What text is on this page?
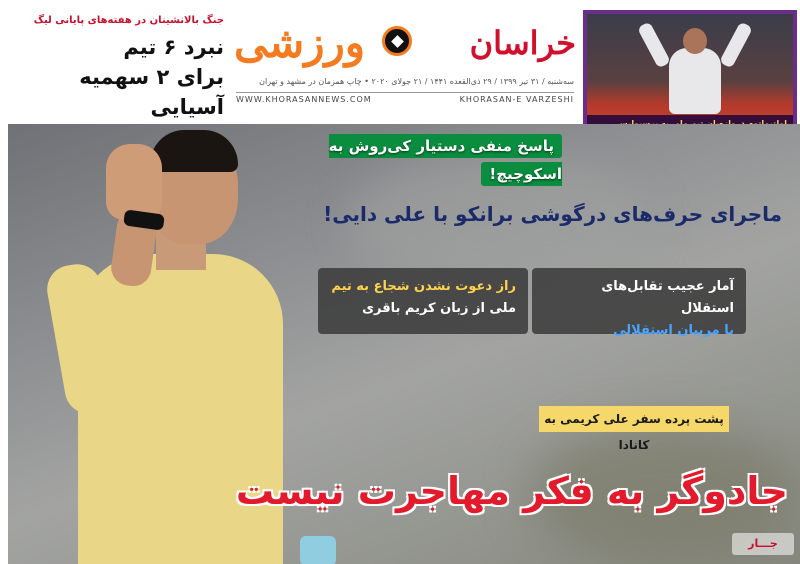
جنگ بالانشینان در هفته‌های پایانی لیگ
نبرد ۶ تیم
برای ۲ سهمیه آسیایی
خراسان
ورزشی
سه‌شنبه / ۳۱ تیر ۱۳۹۹ / ۲۹ ذی‌القعده ۱۴۴۱ / ۲۱ جولای ۲۰۲۰ • چاپ همزمان در مشهد و تهران
WWW.KHORASANNEWS.COM	KHORASAN-E VARZESHI
پاسخ منفی دستیار کی‌روش به اسکوچیچ!
ماجرای حرف‌های درگوشی برانکو با علی دایی!
آمار عجیب تقابل‌های استقلال
با مربیان استقلالی
راز دعوت نشدن شجاع به تیم
ملی از زبان کریم باقری
پشت پرده سفر علی کریمی به کانادا
جادوگر به فکر مهاجرت نیست
جـــار
